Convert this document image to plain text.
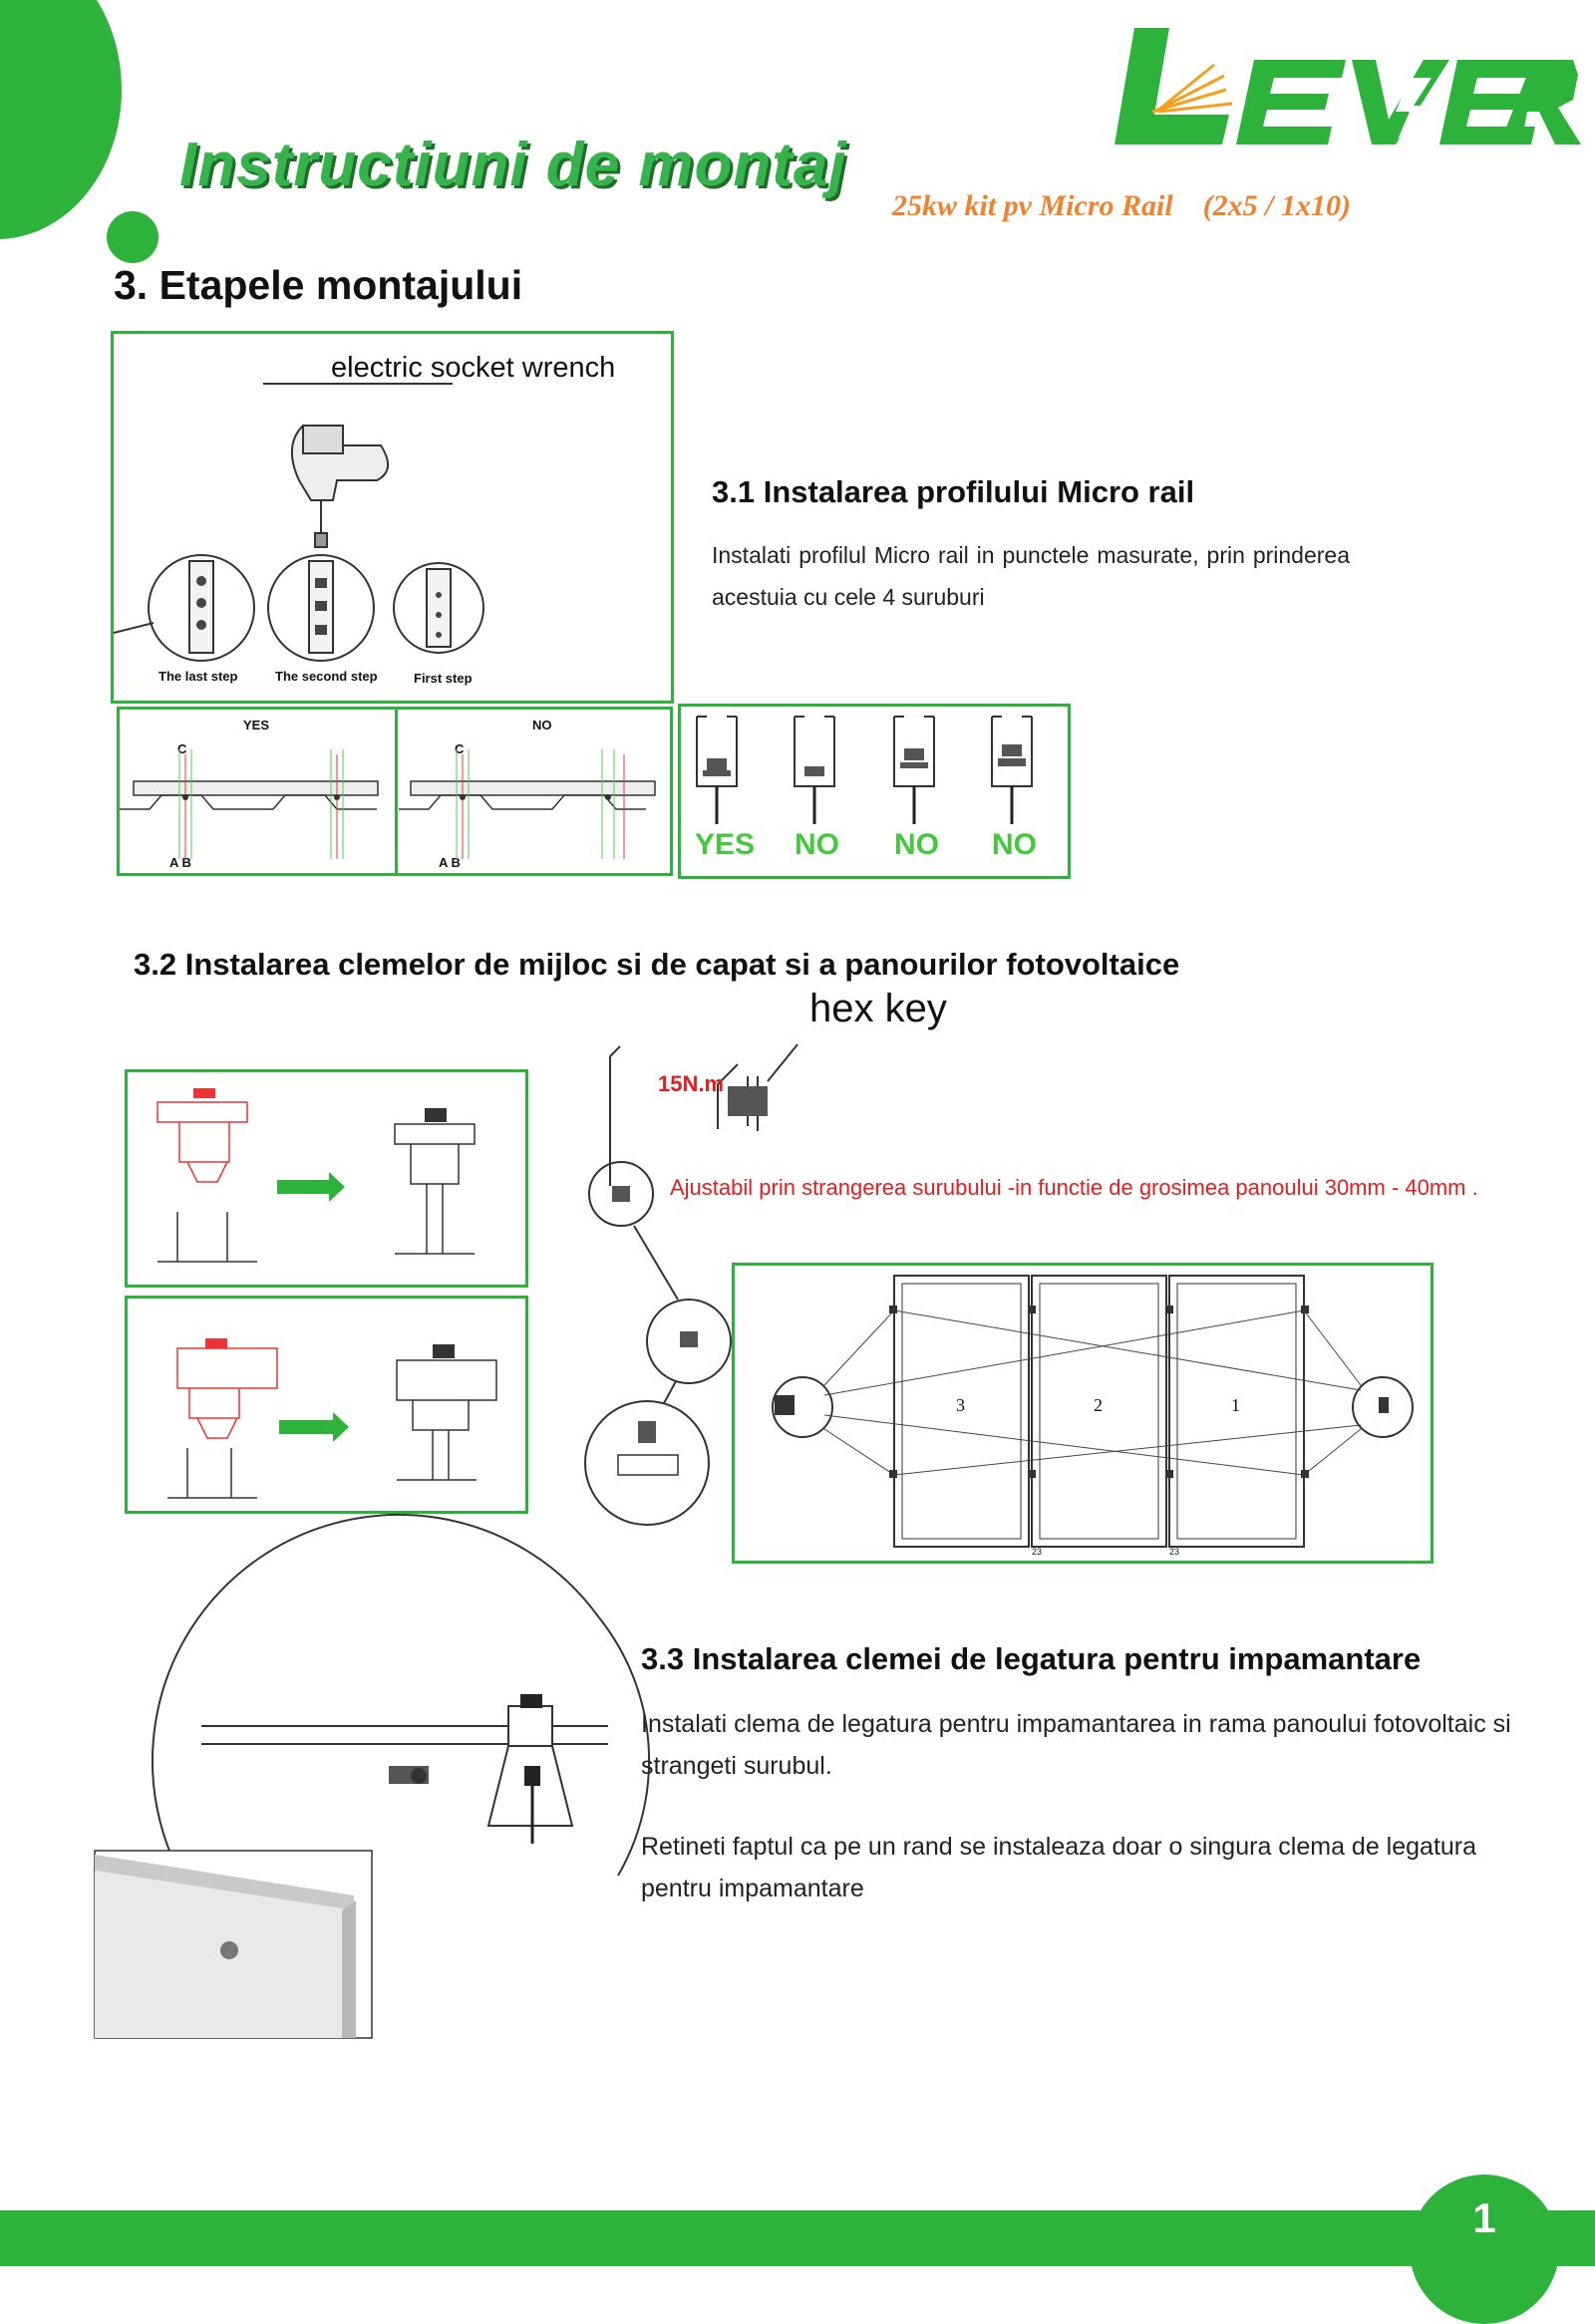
LEVER
Instructiuni de montaj
25kw kit pv Micro Rail    (2x5 / 1x10)
3. Etapele montajului
electric socket wrench
The last step	The second step	First step
YES	NO
C	C
A B	A B
YES NO NO NO
3.1 Instalarea profilului Micro rail
Instalati profilul Micro rail in punctele masurate, prin prinderea acestuia cu cele 4 suruburi
3.2 Instalarea clemelor de mijloc si de capat si a panourilor fotovoltaice
hex key
15N.m
Ajustabil prin strangerea surubului -in functie de grosimea panoului 30mm - 40mm .
3	2	1
23	23
3.3 Instalarea clemei de legatura pentru impamantare
Instalati clema de legatura pentru impamantarea in rama panoului fotovoltaic si strangeti surubul.
Retineti faptul ca pe un rand se instaleaza doar o singura clema de legatura pentru impamantare
1
